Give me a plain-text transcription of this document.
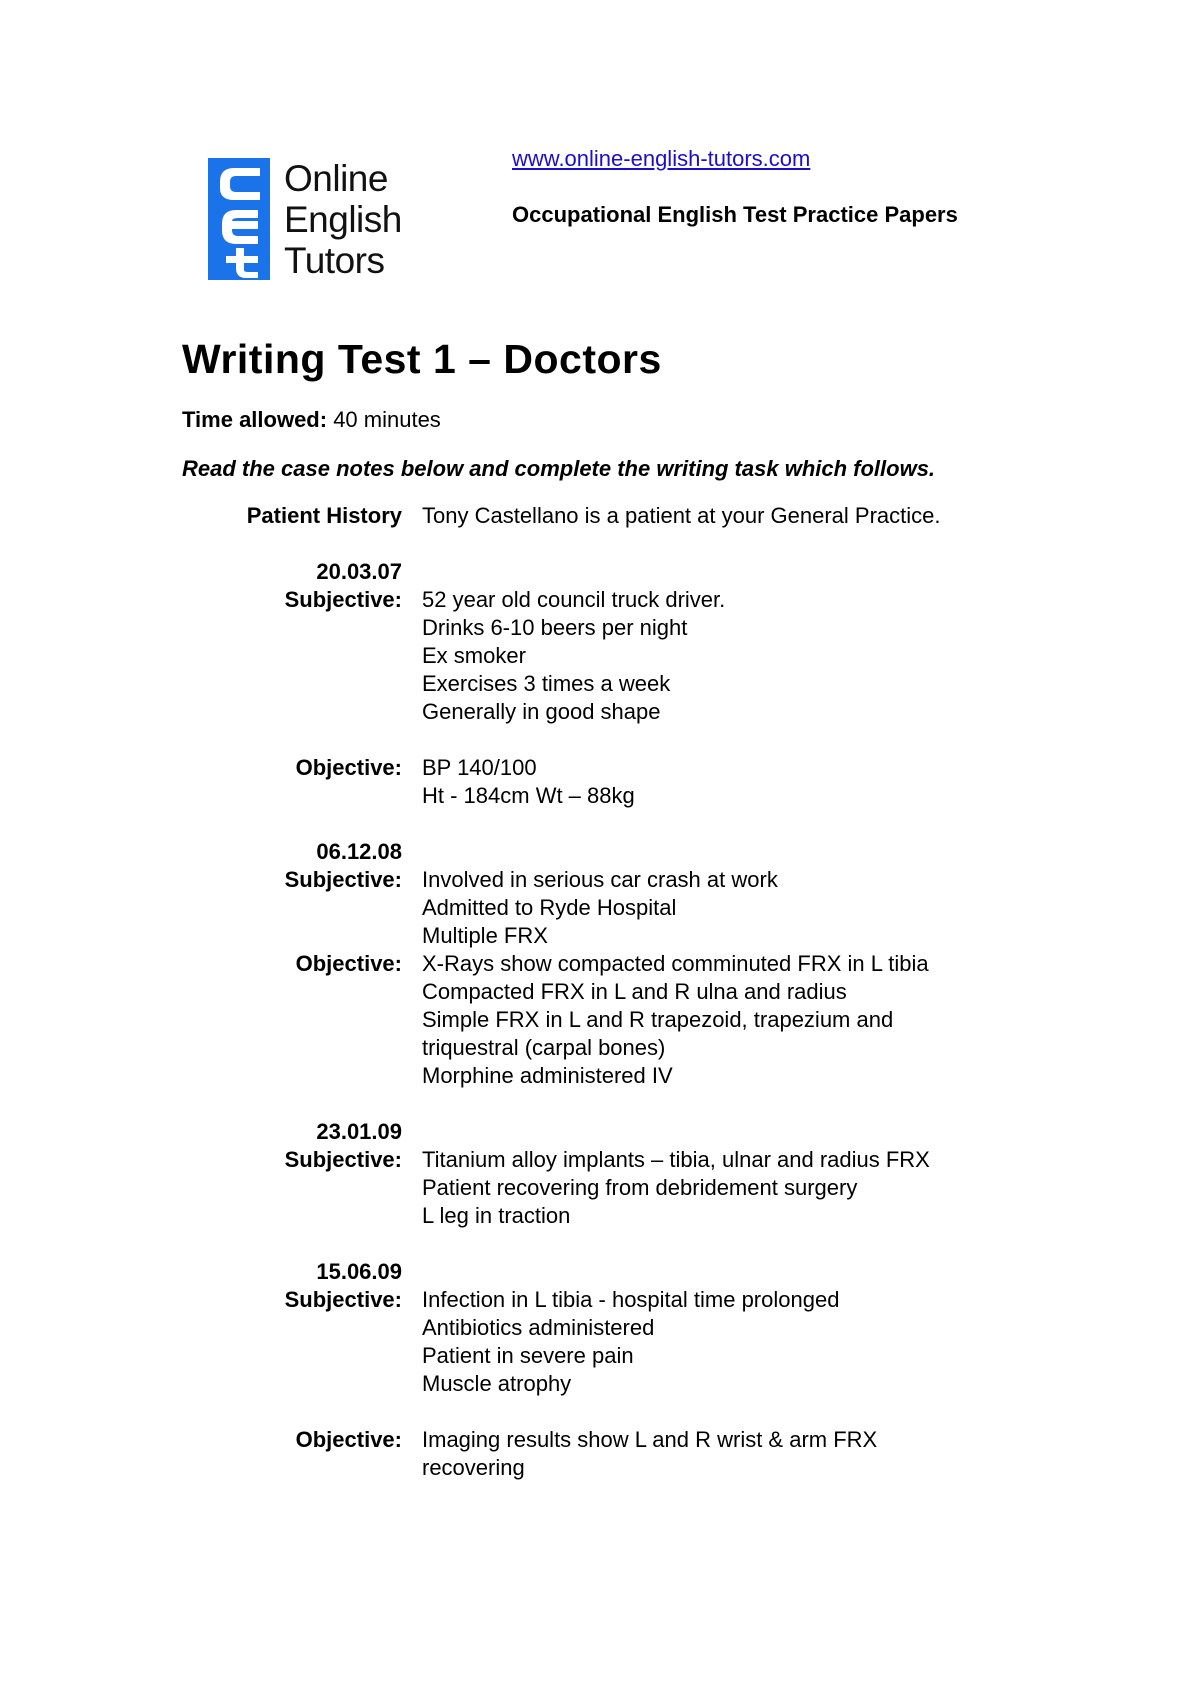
Online
English
Tutors
www.online-english-tutors.com
Occupational English Test Practice Papers
Writing Test 1 – Doctors
Time allowed: 40 minutes
Read the case notes below and complete the writing task which follows.
Patient History Tony Castellano is a patient at your General Practice.
20.03.07
Subjective: 52 year old council truck driver.
Drinks 6-10 beers per night
Ex smoker
Exercises 3 times a week
Generally in good shape
Objective: BP 140/100
Ht - 184cm Wt – 88kg
06.12.08
Subjective: Involved in serious car crash at work
Admitted to Ryde Hospital
Multiple FRX
Objective: X-Rays show compacted comminuted FRX in L tibia
Compacted FRX in L and R ulna and radius
Simple FRX in L and R trapezoid, trapezium and
triquestral (carpal bones)
Morphine administered IV
23.01.09
Subjective: Titanium alloy implants – tibia, ulnar and radius FRX
Patient recovering from debridement surgery
L leg in traction
15.06.09
Subjective: Infection in L tibia - hospital time prolonged
Antibiotics administered
Patient in severe pain
Muscle atrophy
Objective: Imaging results show L and R wrist & arm FRX
recovering
